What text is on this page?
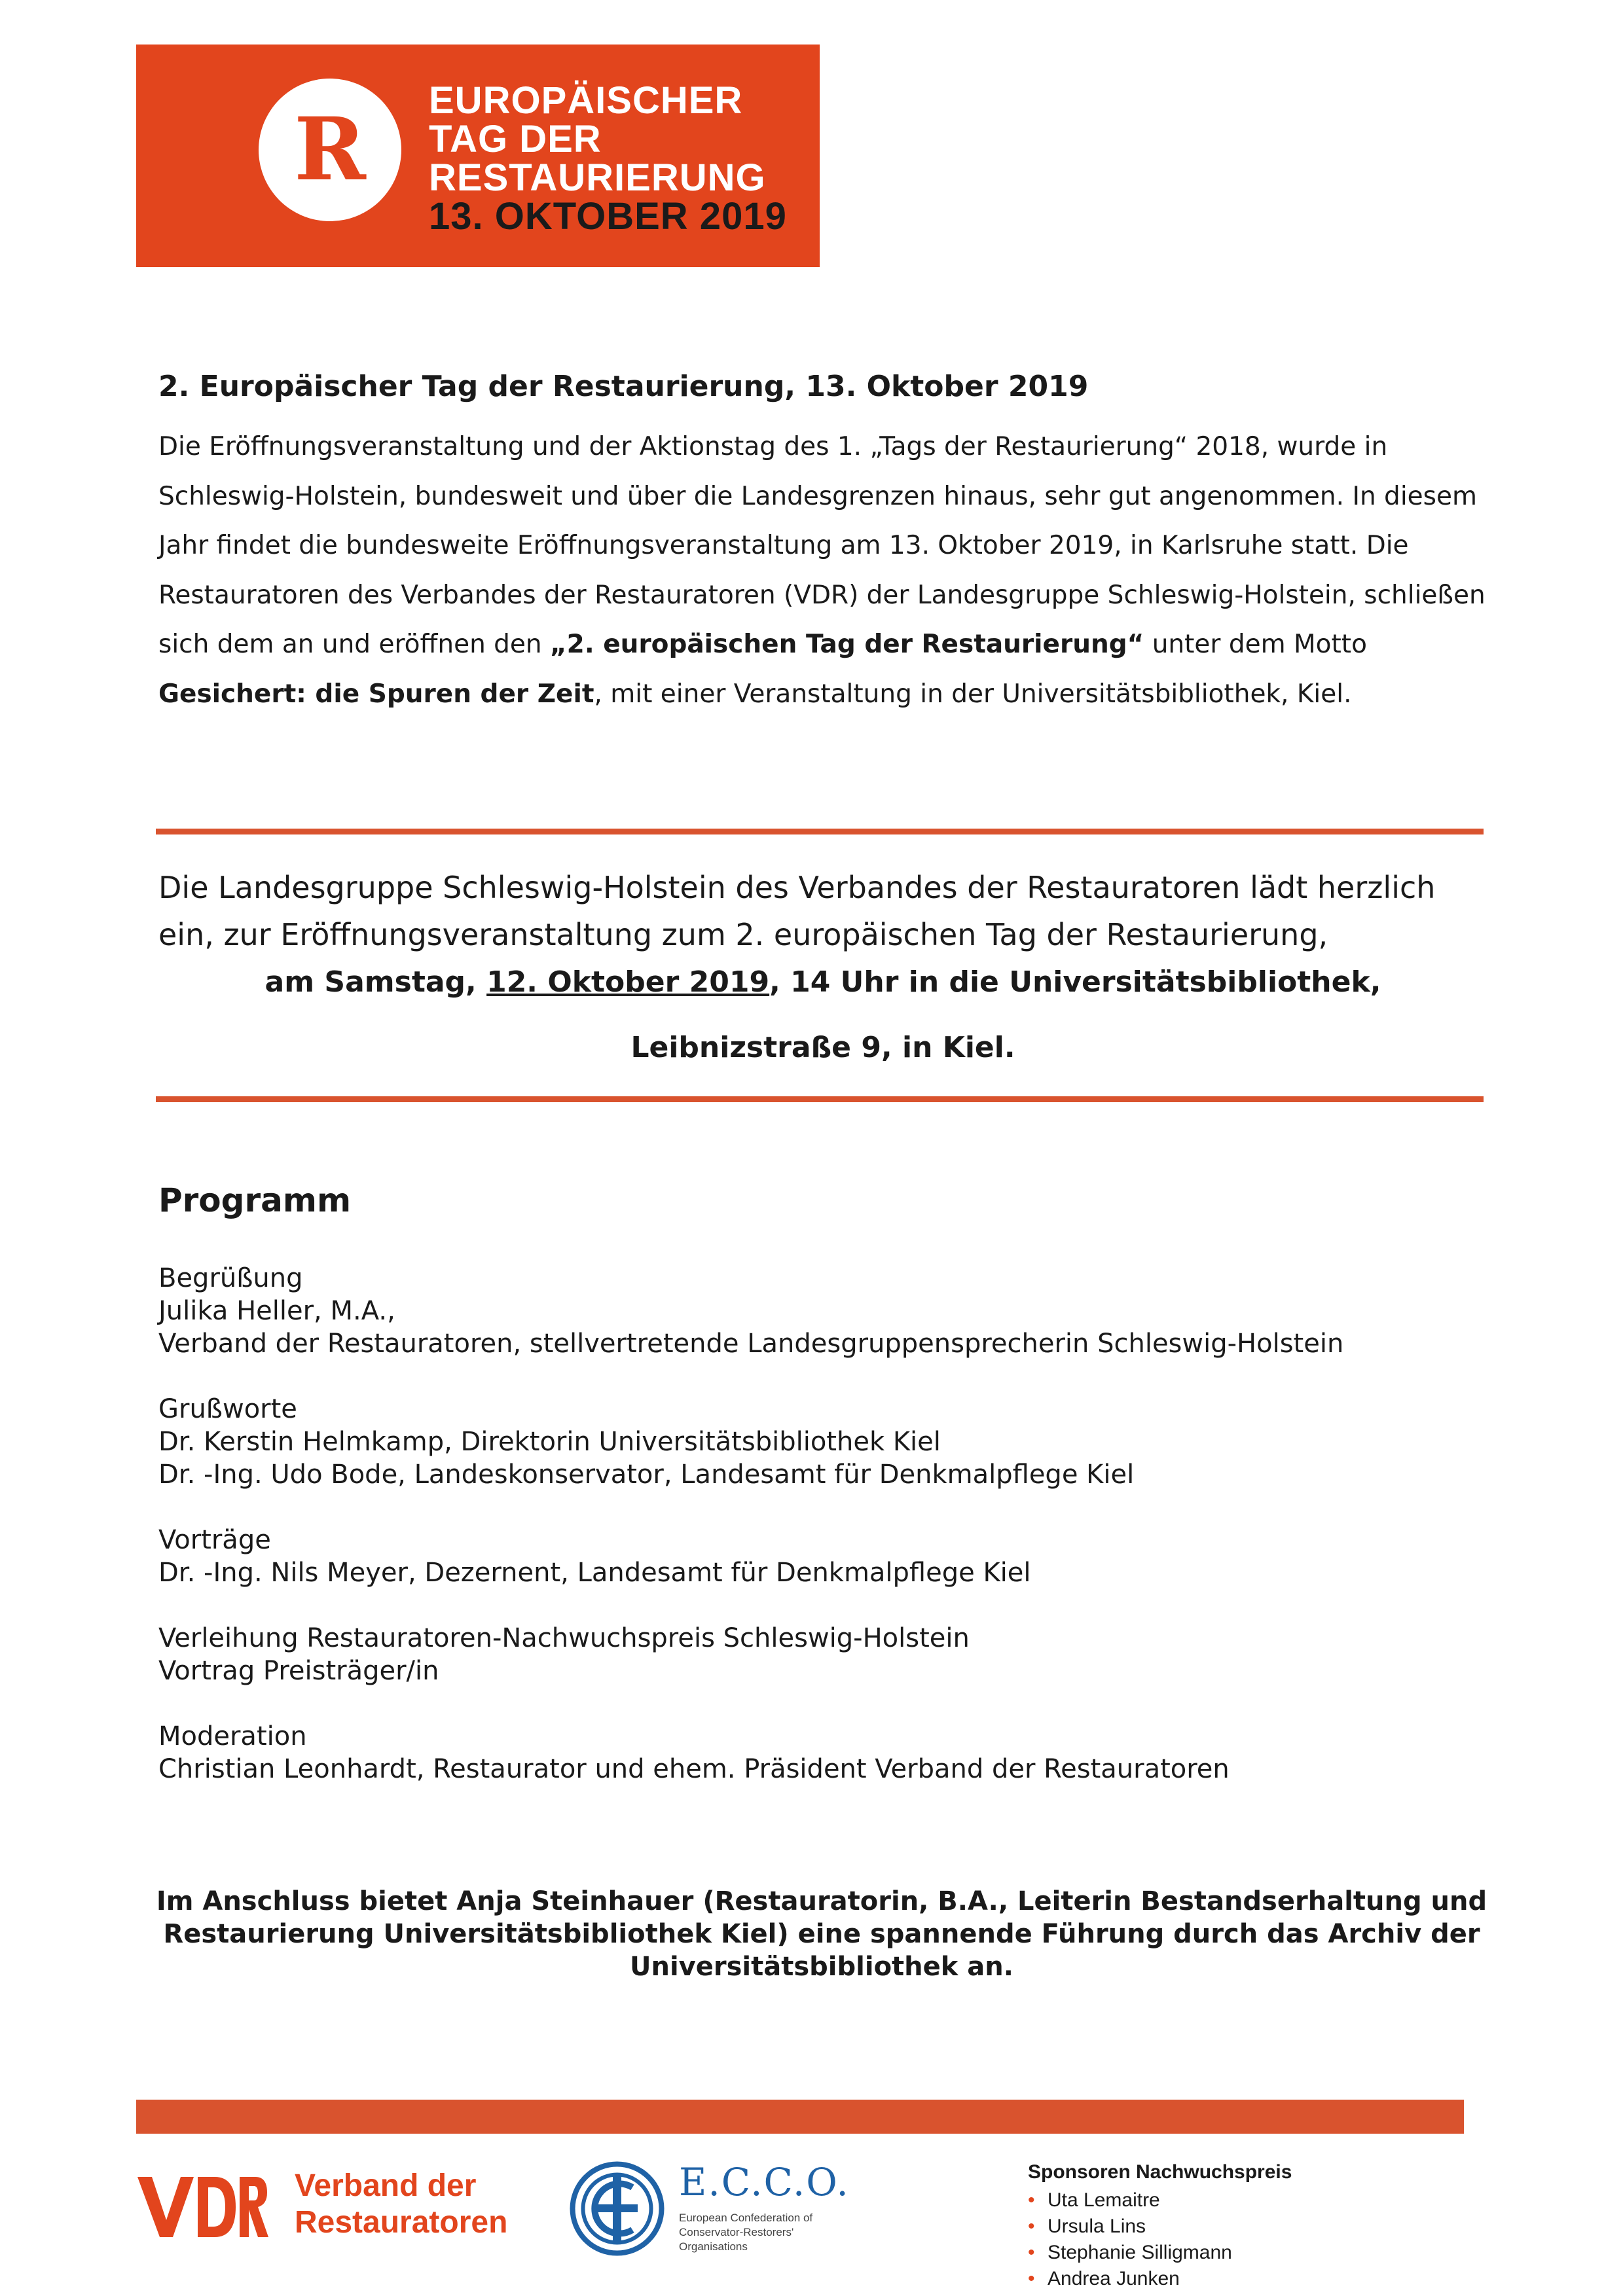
R EUROPÄISCHER
TAG DER
RESTAURIERUNG
13. OKTOBER 2019
2. Europäischer Tag der Restaurierung, 13. Oktober 2019
Die Eröffnungsveranstaltung und der Aktionstag des 1. „Tags der Restaurierung“ 2018, wurde in Schleswig-Holstein, bundesweit und über die Landesgrenzen hinaus, sehr gut angenommen. In diesem Jahr findet die bundesweite Eröffnungsveranstaltung am 13. Oktober 2019, in Karlsruhe statt. Die Restauratoren des Verbandes der Restauratoren (VDR) der Landesgruppe Schleswig-Holstein, schließen sich dem an und eröffnen den „2. europäischen Tag der Restaurierung“ unter dem Motto Gesichert: die Spuren der Zeit, mit einer Veranstaltung in der Universitätsbibliothek, Kiel.
Die Landesgruppe Schleswig-Holstein des Verbandes der Restauratoren lädt herzlich ein, zur Eröffnungsveranstaltung zum 2. europäischen Tag der Restaurierung,
am Samstag, 12. Oktober 2019, 14 Uhr in die Universitätsbibliothek,
Leibnizstraße 9, in Kiel.
Programm
Begrüßung
Julika Heller, M.A.,
Verband der Restauratoren, stellvertretende Landesgruppensprecherin Schleswig-Holstein
Grußworte
Dr. Kerstin Helmkamp, Direktorin Universitätsbibliothek Kiel
Dr. -Ing. Udo Bode, Landeskonservator, Landesamt für Denkmalpflege Kiel
Vorträge
Dr. -Ing. Nils Meyer, Dezernent, Landesamt für Denkmalpflege Kiel
Verleihung Restauratoren-Nachwuchspreis Schleswig-Holstein
Vortrag Preisträger/in
Moderation
Christian Leonhardt, Restaurator und ehem. Präsident Verband der Restauratoren
Im Anschluss bietet Anja Steinhauer (Restauratorin, B.A., Leiterin Bestandserhaltung und Restaurierung Universitätsbibliothek Kiel) eine spannende Führung durch das Archiv der Universitätsbibliothek an.
Verband der
Restauratoren
E.C.C.O.
European Confederation of
Conservator-Restorers'
Organisations
Sponsoren Nachwuchspreis
• Uta Lemaitre
• Ursula Lins
• Stephanie Silligmann
• Andrea Junken
